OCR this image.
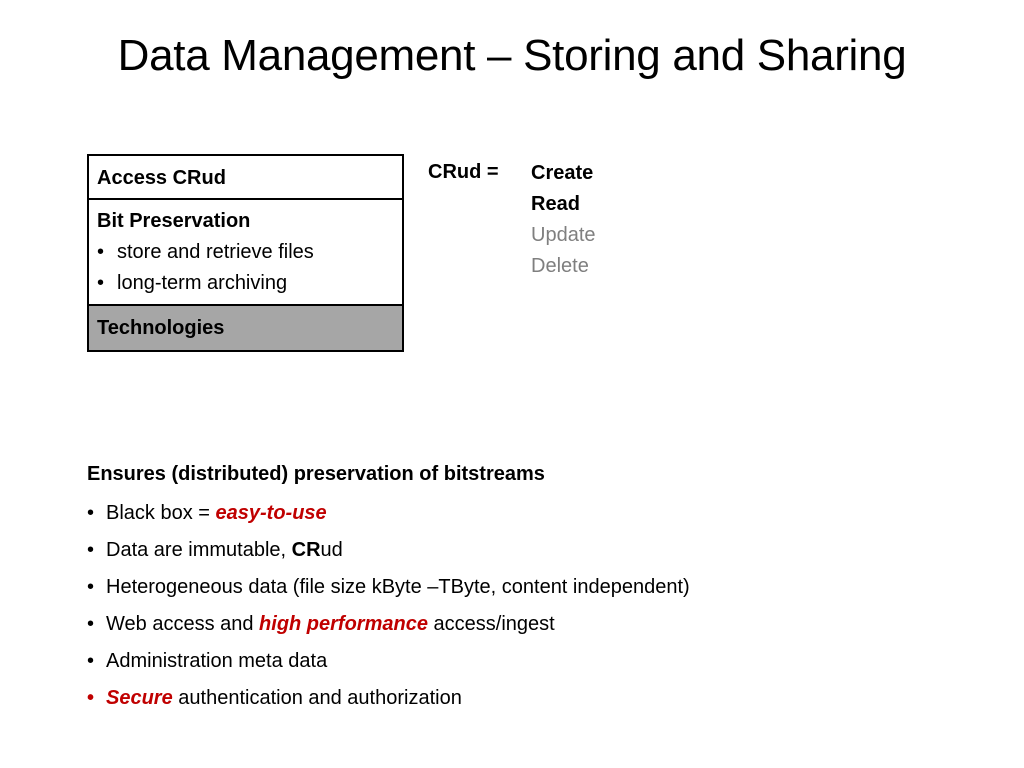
Data Management – Storing and Sharing
Access CRud
Bit Preservation
• store and retrieve files
• long-term archiving
Technologies
CRud = Create
Read
Update
Delete
Ensures (distributed) preservation of bitstreams
• Black box = easy-to-use
• Data are immutable, CRud
• Heterogeneous data (file size kByte –TByte, content independent)
• Web access and high performance access/ingest
• Administration meta data
• Secure authentication and authorization
